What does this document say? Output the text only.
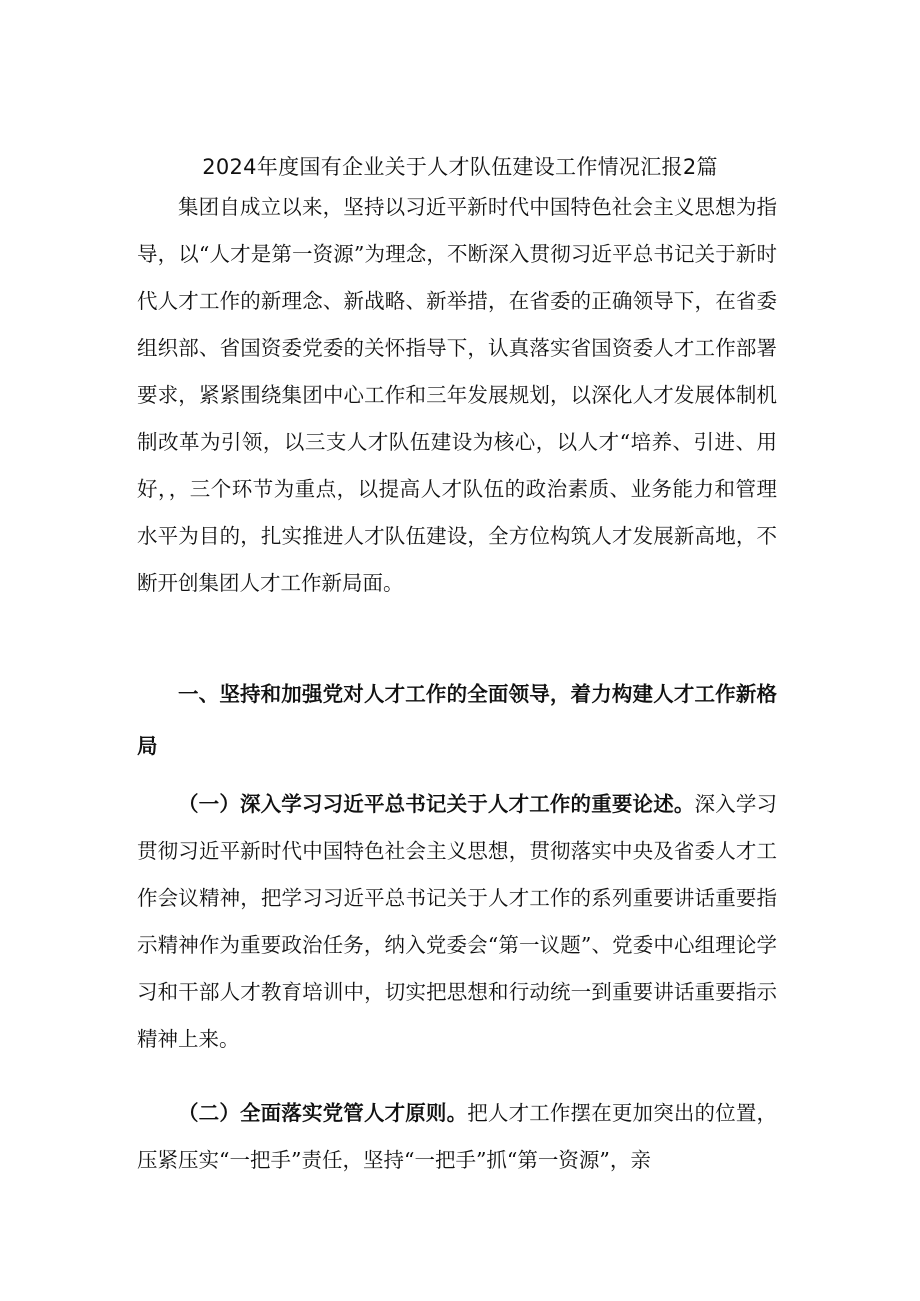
2024年度国有企业关于人才队伍建设工作情况汇报2篇

集团自成立以来，坚持以习近平新时代中国特色社会主义思想为指导，以“人才是第一资源”为理念，不断深入贯彻习近平总书记关于新时代人才工作的新理念、新战略、新举措，在省委的正确领导下，在省委组织部、省国资委党委的关怀指导下，认真落实省国资委人才工作部署要求，紧紧围绕集团中心工作和三年发展规划，以深化人才发展体制机制改革为引领，以三支人才队伍建设为核心，以人才“培养、引进、用好，，三个环节为重点，以提高人才队伍的政治素质、业务能力和管理水平为目的，扎实推进人才队伍建设，全方位构筑人才发展新高地，不断开创集团人才工作新局面。

一、坚持和加强党对人才工作的全面领导，着力构建人才工作新格局

（一）深入学习习近平总书记关于人才工作的重要论述。深入学习贯彻习近平新时代中国特色社会主义思想，贯彻落实中央及省委人才工作会议精神，把学习习近平总书记关于人才工作的系列重要讲话重要指示精神作为重要政治任务，纳入党委会“第一议题”、党委中心组理论学习和干部人才教育培训中，切实把思想和行动统一到重要讲话重要指示精神上来。

（二）全面落实党管人才原则。把人才工作摆在更加突出的位置，压紧压实“一把手”责任，坚持“一把手”抓“第一资源”，亲
